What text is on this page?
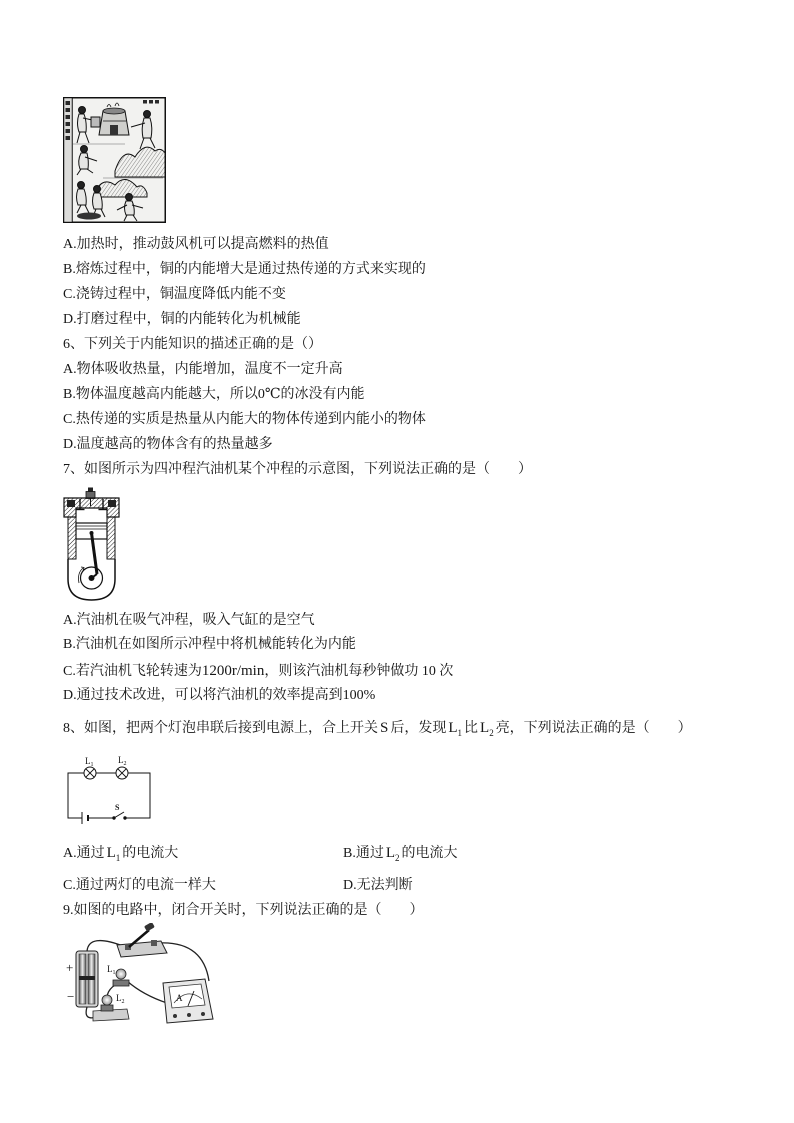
A.加热时，推动鼓风机可以提高燃料的热值
B.熔炼过程中，铜的内能增大是通过热传递的方式来实现的
C.浇铸过程中，铜温度降低内能不变
D.打磨过程中，铜的内能转化为机械能
6、下列关于内能知识的描述正确的是（）
A.物体吸收热量，内能增加，温度不一定升高
B.物体温度越高内能越大，所以0℃的冰没有内能
C.热传递的实质是热量从内能大的物体传递到内能小的物体
D.温度越高的物体含有的热量越多
7、如图所示为四冲程汽油机某个冲程的示意图，下列说法正确的是（　　）
A.汽油机在吸气冲程，吸入气缸的是空气
B.汽油机在如图所示冲程中将机械能转化为内能
C.若汽油机飞轮转速为1200r/min，则该汽油机每秒钟做功 10 次
D.通过技术改进，可以将汽油机的效率提高到100%
8、如图，把两个灯泡串联后接到电源上，合上开关 S 后，发现 $L_1$ 比 $L_2$ 亮，下列说法正确的是（　　）
$L_1$	$L_2$
S
A.通过 $L_1$ 的电流大	B.通过 $L_2$ 的电流大
C.通过两灯的电流一样大	D.无法判断
9.如图的电路中，闭合开关时，下列说法正确的是（　　）
+
−
$L_1$
$L_2$	A
